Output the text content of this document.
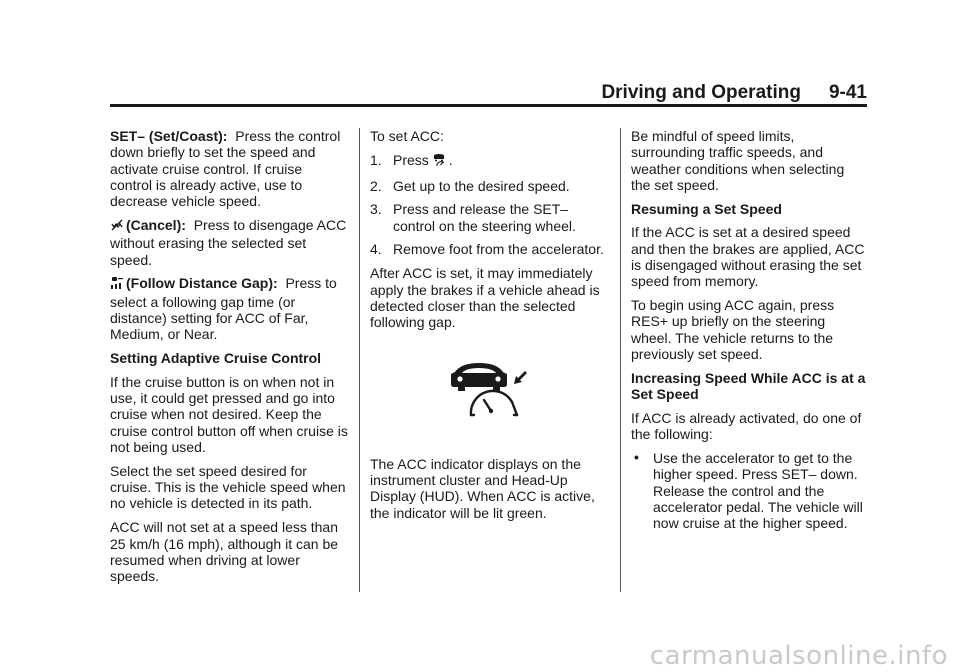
Driving and Operating 9-41

SET– (Set/Coast): Press the control down briefly to set the speed and activate cruise control. If cruise control is already active, use to decrease vehicle speed.

(Cancel): Press to disengage ACC without erasing the selected set speed.

(Follow Distance Gap): Press to select a following gap time (or distance) setting for ACC of Far, Medium, or Near.

Setting Adaptive Cruise Control

If the cruise button is on when not in use, it could get pressed and go into cruise when not desired. Keep the cruise control button off when cruise is not being used.

Select the set speed desired for cruise. This is the vehicle speed when no vehicle is detected in its path.

ACC will not set at a speed less than 25 km/h (16 mph), although it can be resumed when driving at lower speeds.

To set ACC:

1. Press .
2. Get up to the desired speed.
3. Press and release the SET– control on the steering wheel.
4. Remove foot from the accelerator.

After ACC is set, it may immediately apply the brakes if a vehicle ahead is detected closer than the selected following gap.

The ACC indicator displays on the instrument cluster and Head-Up Display (HUD). When ACC is active, the indicator will be lit green.

Be mindful of speed limits, surrounding traffic speeds, and weather conditions when selecting the set speed.

Resuming a Set Speed

If the ACC is set at a desired speed and then the brakes are applied, ACC is disengaged without erasing the set speed from memory.

To begin using ACC again, press RES+ up briefly on the steering wheel. The vehicle returns to the previously set speed.

Increasing Speed While ACC is at a Set Speed

If ACC is already activated, do one of the following:

• Use the accelerator to get to the higher speed. Press SET– down. Release the control and the accelerator pedal. The vehicle will now cruise at the higher speed.
carmanualsonline.info
